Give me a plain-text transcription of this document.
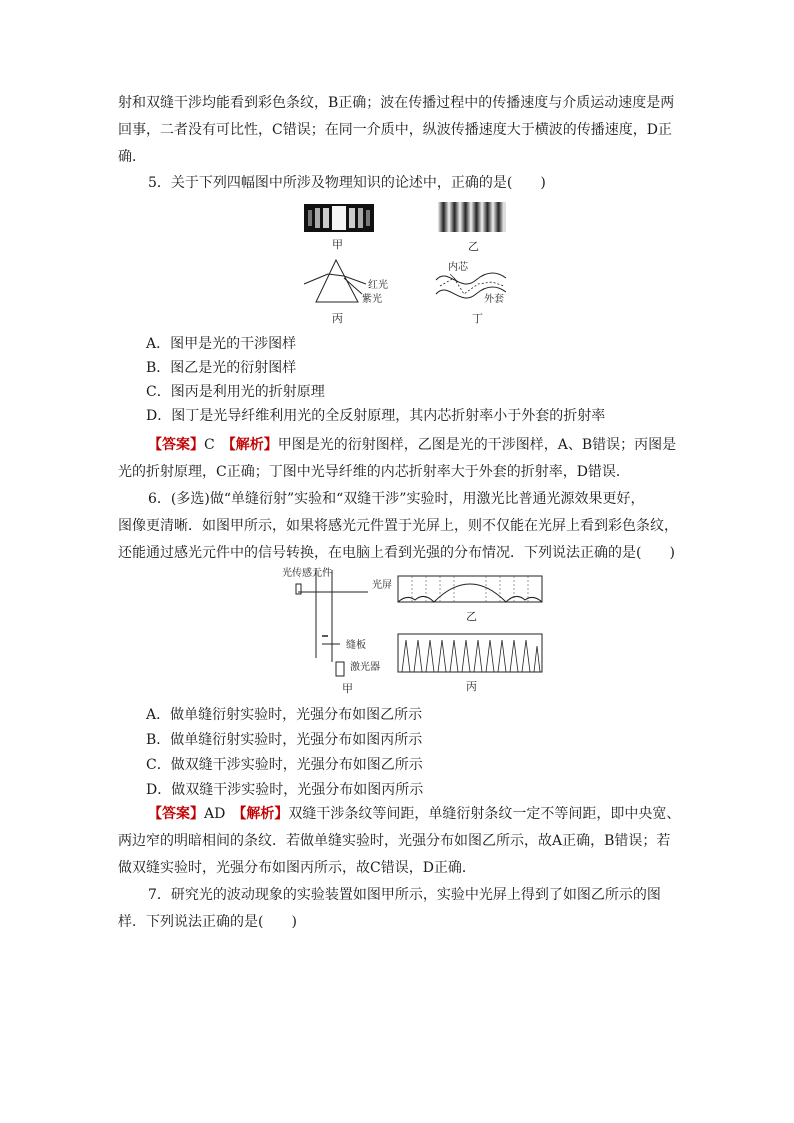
射和双缝干涉均能看到彩色条纹，B正确；波在传播过程中的传播速度与介质运动速度是两

回事，二者没有可比性，C错误；在同一介质中，纵波传播速度大于横波的传播速度，D正

确．

5．关于下列四幅图中所涉及物理知识的论述中，正确的是(　　)

甲	乙
红光
紫光
丙
内芯
外套
丁

A．图甲是光的干涉图样

B．图乙是光的衍射图样

C．图丙是利用光的折射原理

D．图丁是光导纤维利用光的全反射原理，其内芯折射率小于外套的折射率

【答案】C　 【解析】甲图是光的衍射图样，乙图是光的干涉图样，A、B错误；丙图是

光的折射原理，C正确；丁图中光导纤维的内芯折射率大于外套的折射率，D错误．

6．(多选)做“单缝衍射”实验和“双缝干涉”实验时，用激光比普通光源效果更好，

图像更清晰．如图甲所示，如果将感光元件置于光屏上，则不仅能在光屏上看到彩色条纹，

还能通过感光元件中的信号转换，在电脑上看到光强的分布情况．下列说法正确的是(　　)

光传感元件
光屏
缝板
激光器
甲
乙
丙

A．做单缝衍射实验时，光强分布如图乙所示

B．做单缝衍射实验时，光强分布如图丙所示

C．做双缝干涉实验时，光强分布如图乙所示

D．做双缝干涉实验时，光强分布如图丙所示

【答案】AD　 【解析】双缝干涉条纹等间距，单缝衍射条纹一定不等间距，即中央宽、

两边窄的明暗相间的条纹．若做单缝实验时，光强分布如图乙所示，故A正确，B错误；若

做双缝实验时，光强分布如图丙所示，故C错误，D正确．

7．研究光的波动现象的实验装置如图甲所示，实验中光屏上得到了如图乙所示的图

样．下列说法正确的是(　　)
